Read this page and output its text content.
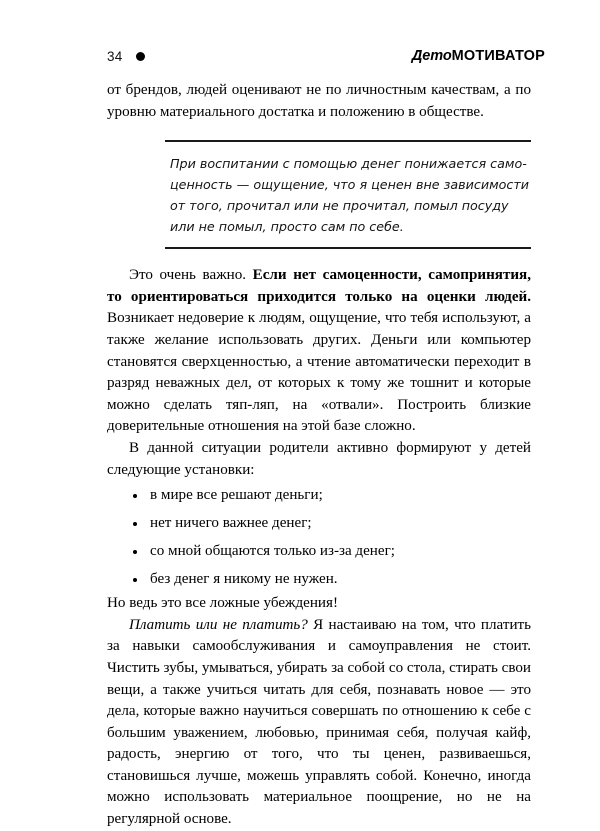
34	ДетоМОТИВАТОР

от брендов, людей оценивают не по личностным качествам, а по уровню материального достатка и положению в обществе.

При воспитании с помощью денег понижается само-ценность — ощущение, что я ценен вне зависимости от того, прочитал или не прочитал, помыл посуду или не помыл, просто сам по себе.

Это очень важно. Если нет самоценности, самопринятия, то ориентироваться приходится только на оценки людей. Возникает недоверие к людям, ощущение, что тебя используют, а также желание использовать других. Деньги или компьютер становятся сверхценностью, а чтение автоматически переходит в разряд неважных дел, от которых к тому же тошнит и которые можно сделать тяп-ляп, на «отвали». Построить близкие доверительные отношения на этой базе сложно.

В данной ситуации родители активно формируют у детей следующие установки:

в мире все решают деньги;
нет ничего важнее денег;
со мной общаются только из-за денег;
без денег я никому не нужен.

Но ведь это все ложные убеждения!

Платить или не платить? Я настаиваю на том, что платить за навыки самообслуживания и самоуправления не стоит. Чистить зубы, умываться, убирать за собой со стола, стирать свои вещи, а также учиться читать для себя, познавать новое — это дела, которые важно научиться совершать по отношению к себе с большим уважением, любовью, принимая себя, получая кайф, радость, энергию от того, что ты ценен, развиваешься, становишься лучше, можешь управлять собой. Конечно, иногда можно использовать материальное поощрение, но не на регулярной основе.
